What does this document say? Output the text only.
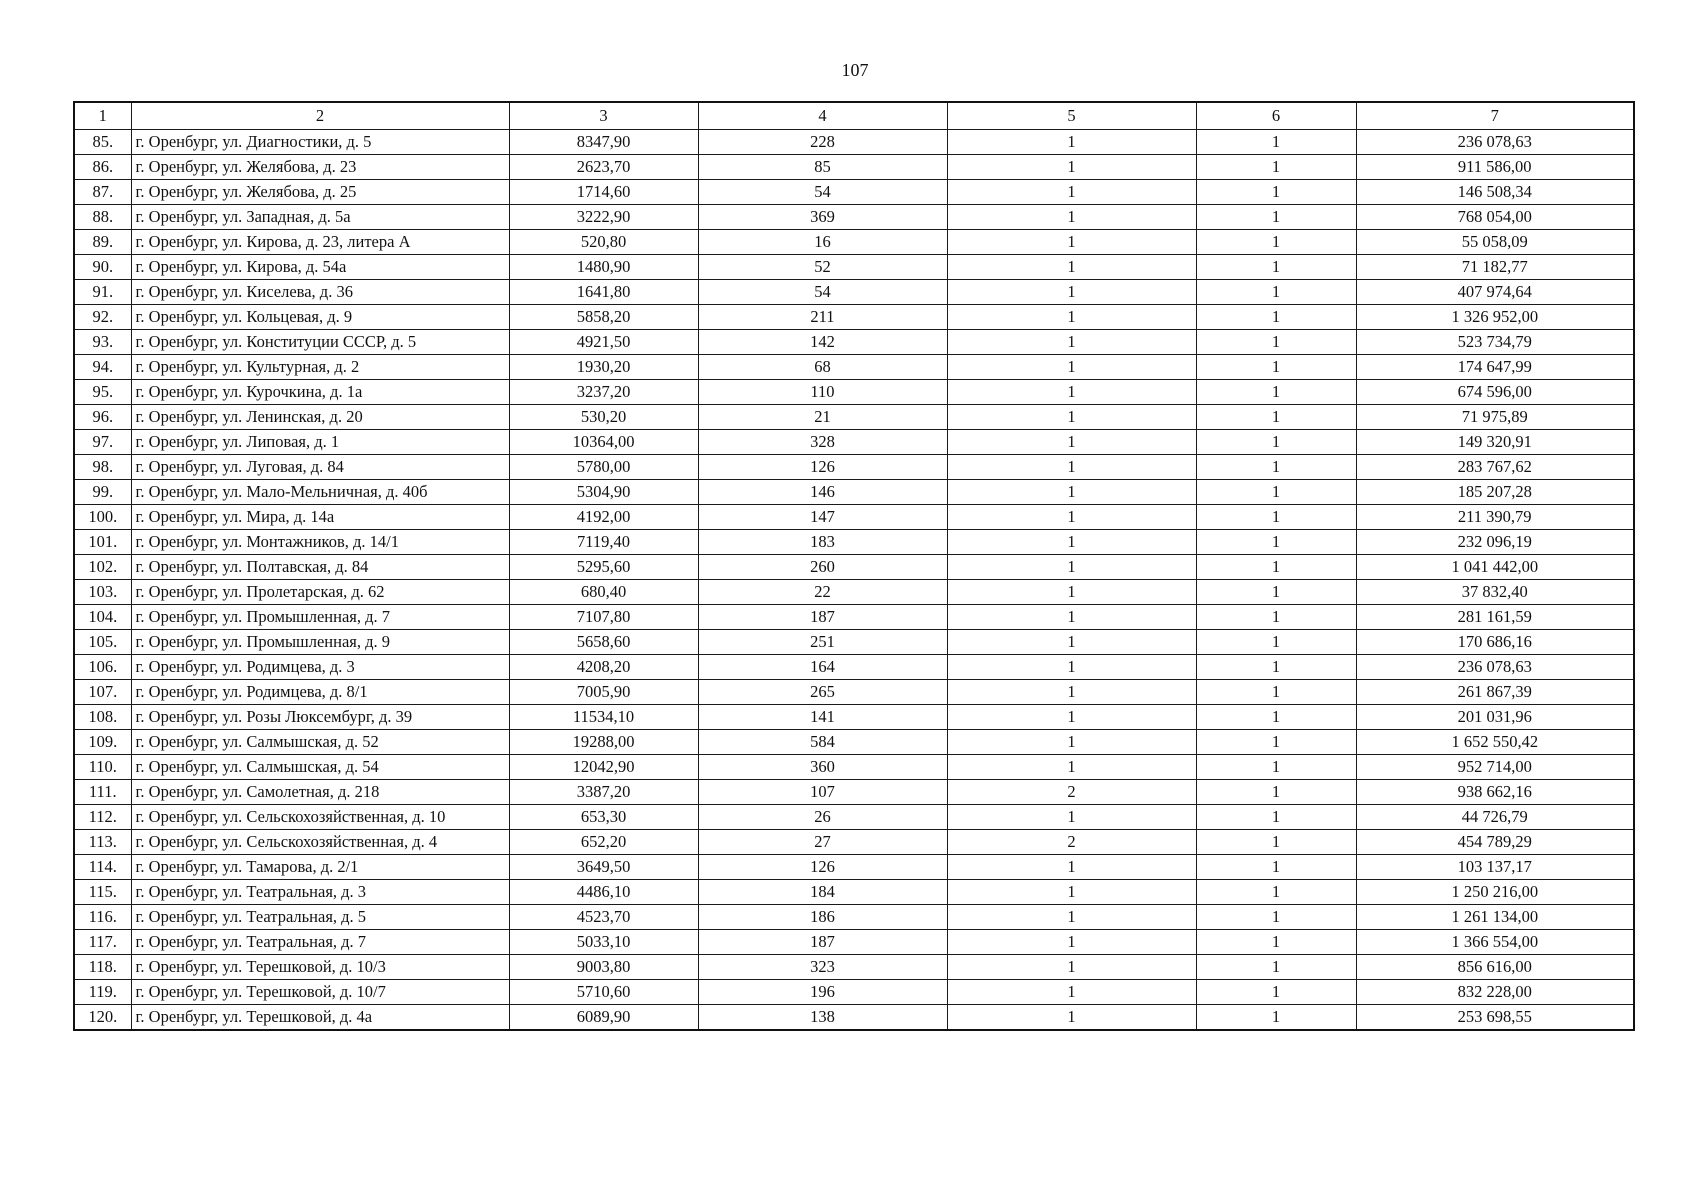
107
1	2	3	4	5	6	7
85.	г. Оренбург, ул. Диагностики, д. 5	8347,90	228	1	1	236 078,63
86.	г. Оренбург, ул. Желябова, д. 23	2623,70	85	1	1	911 586,00
87.	г. Оренбург, ул. Желябова, д. 25	1714,60	54	1	1	146 508,34
88.	г. Оренбург, ул. Западная, д. 5а	3222,90	369	1	1	768 054,00
89.	г. Оренбург, ул. Кирова, д. 23, литера А	520,80	16	1	1	55 058,09
90.	г. Оренбург, ул. Кирова, д. 54а	1480,90	52	1	1	71 182,77
91.	г. Оренбург, ул. Киселева, д. 36	1641,80	54	1	1	407 974,64
92.	г. Оренбург, ул. Кольцевая, д. 9	5858,20	211	1	1	1 326 952,00
93.	г. Оренбург, ул. Конституции СССР, д. 5	4921,50	142	1	1	523 734,79
94.	г. Оренбург, ул. Культурная, д. 2	1930,20	68	1	1	174 647,99
95.	г. Оренбург, ул. Курочкина, д. 1а	3237,20	110	1	1	674 596,00
96.	г. Оренбург, ул. Ленинская, д. 20	530,20	21	1	1	71 975,89
97.	г. Оренбург, ул. Липовая, д. 1	10364,00	328	1	1	149 320,91
98.	г. Оренбург, ул. Луговая, д. 84	5780,00	126	1	1	283 767,62
99.	г. Оренбург, ул. Мало-Мельничная, д. 40б	5304,90	146	1	1	185 207,28
100.	г. Оренбург, ул. Мира, д. 14а	4192,00	147	1	1	211 390,79
101.	г. Оренбург, ул. Монтажников, д. 14/1	7119,40	183	1	1	232 096,19
102.	г. Оренбург, ул. Полтавская, д. 84	5295,60	260	1	1	1 041 442,00
103.	г. Оренбург, ул. Пролетарская, д. 62	680,40	22	1	1	37 832,40
104.	г. Оренбург, ул. Промышленная, д. 7	7107,80	187	1	1	281 161,59
105.	г. Оренбург, ул. Промышленная, д. 9	5658,60	251	1	1	170 686,16
106.	г. Оренбург, ул. Родимцева, д. 3	4208,20	164	1	1	236 078,63
107.	г. Оренбург, ул. Родимцева, д. 8/1	7005,90	265	1	1	261 867,39
108.	г. Оренбург, ул. Розы Люксембург, д. 39	11534,10	141	1	1	201 031,96
109.	г. Оренбург, ул. Салмышская, д. 52	19288,00	584	1	1	1 652 550,42
110.	г. Оренбург, ул. Салмышская, д. 54	12042,90	360	1	1	952 714,00
111.	г. Оренбург, ул. Самолетная, д. 218	3387,20	107	2	1	938 662,16
112.	г. Оренбург, ул. Сельскохозяйственная, д. 10	653,30	26	1	1	44 726,79
113.	г. Оренбург, ул. Сельскохозяйственная, д. 4	652,20	27	2	1	454 789,29
114.	г. Оренбург, ул. Тамарова, д. 2/1	3649,50	126	1	1	103 137,17
115.	г. Оренбург, ул. Театральная, д. 3	4486,10	184	1	1	1 250 216,00
116.	г. Оренбург, ул. Театральная, д. 5	4523,70	186	1	1	1 261 134,00
117.	г. Оренбург, ул. Театральная, д. 7	5033,10	187	1	1	1 366 554,00
118.	г. Оренбург, ул. Терешковой, д. 10/3	9003,80	323	1	1	856 616,00
119.	г. Оренбург, ул. Терешковой, д. 10/7	5710,60	196	1	1	832 228,00
120.	г. Оренбург, ул. Терешковой, д. 4а	6089,90	138	1	1	253 698,55
